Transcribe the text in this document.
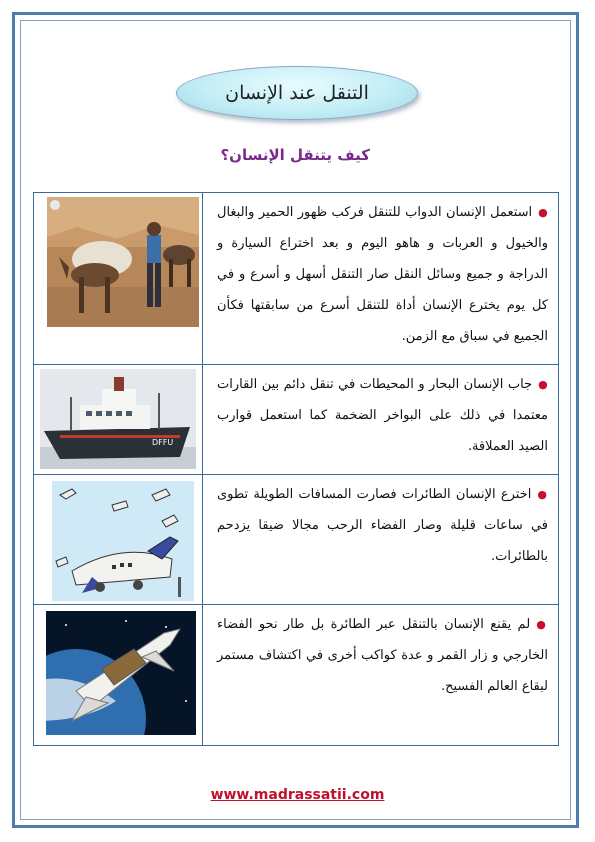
التنقل عند الإنسان
كيف يتنقل الإنسان؟
●استعمل الإنسان الدواب للتنقل فركب ظهور الحمير والبغال والخيول و العربات و هاهو اليوم و بعد اختراع السيارة و الدراجة و جميع وسائل النقل صار التنقل أسهل و أسرع و في كل يوم يخترع الإنسان أداة للتنقل أسرع من سابقتها فكأن الجميع في سباق مع الزمن.
DFFU
●جاب الإنسان البحار و المحيطات في تنقل دائم بين القارات معتمدا في ذلك على البواخر الضخمة كما استعمل قوارب الصيد العملاقة.
●اخترع الإنسان الطائرات فصارت المسافات الطويلة تطوى في ساعات قليلة وصار الفضاء الرحب مجالا ضيقا يزدحم بالطائرات.
●لم يقنع الإنسان بالتنقل عبر الطائرة بل طار نحو الفضاء الخارجي و زار القمر و عدة كواكب أخرى في اكتشاف مستمر لبقاع العالم الفسيح.
www.madrassatii.com
